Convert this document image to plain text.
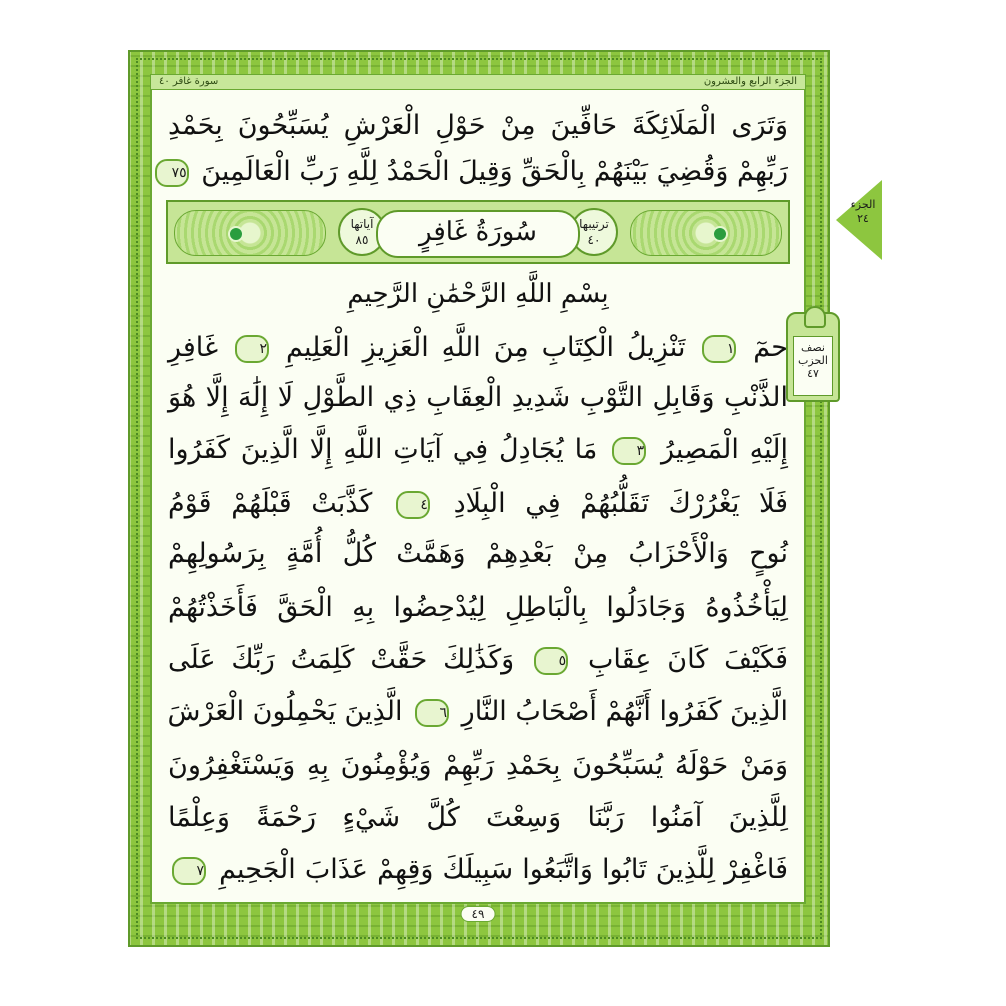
الجزء الرابع والعشرون
سورة غافر ٤٠
الجزء ٢٤
نصف
الحزب
٤٧
وَتَرَى الْمَلَائِكَةَ حَافِّينَ مِنْ حَوْلِ الْعَرْشِ يُسَبِّحُونَ بِحَمْدِ
رَبِّهِمْ وَقُضِيَ بَيْنَهُمْ بِالْحَقِّ وَقِيلَ الْحَمْدُ لِلَّهِ رَبِّ الْعَالَمِينَ ٧٥
آياتها
٨٥
ترتيبها
٤٠
سُورَةُ غَافِرٍ
بِسْمِ اللَّهِ الرَّحْمَٰنِ الرَّحِيمِ
حمٓ ١ تَنْزِيلُ الْكِتَابِ مِنَ اللَّهِ الْعَزِيزِ الْعَلِيمِ ٢ غَافِرِ
الذَّنْبِ وَقَابِلِ التَّوْبِ شَدِيدِ الْعِقَابِ ذِي الطَّوْلِ لَا إِلَٰهَ إِلَّا هُوَ
إِلَيْهِ الْمَصِيرُ ٣ مَا يُجَادِلُ فِي آيَاتِ اللَّهِ إِلَّا الَّذِينَ كَفَرُوا
فَلَا يَغْرُرْكَ تَقَلُّبُهُمْ فِي الْبِلَادِ ٤ كَذَّبَتْ قَبْلَهُمْ قَوْمُ
نُوحٍ وَالْأَحْزَابُ مِنْ بَعْدِهِمْ وَهَمَّتْ كُلُّ أُمَّةٍ بِرَسُولِهِمْ
لِيَأْخُذُوهُ وَجَادَلُوا بِالْبَاطِلِ لِيُدْحِضُوا بِهِ الْحَقَّ فَأَخَذْتُهُمْ
فَكَيْفَ كَانَ عِقَابِ ٥ وَكَذَٰلِكَ حَقَّتْ كَلِمَتُ رَبِّكَ عَلَى
الَّذِينَ كَفَرُوا أَنَّهُمْ أَصْحَابُ النَّارِ ٦ الَّذِينَ يَحْمِلُونَ الْعَرْشَ
وَمَنْ حَوْلَهُ يُسَبِّحُونَ بِحَمْدِ رَبِّهِمْ وَيُؤْمِنُونَ بِهِ وَيَسْتَغْفِرُونَ
لِلَّذِينَ آمَنُوا رَبَّنَا وَسِعْتَ كُلَّ شَيْءٍ رَحْمَةً وَعِلْمًا
فَاغْفِرْ لِلَّذِينَ تَابُوا وَاتَّبَعُوا سَبِيلَكَ وَقِهِمْ عَذَابَ الْجَحِيمِ ٧
٤٩
